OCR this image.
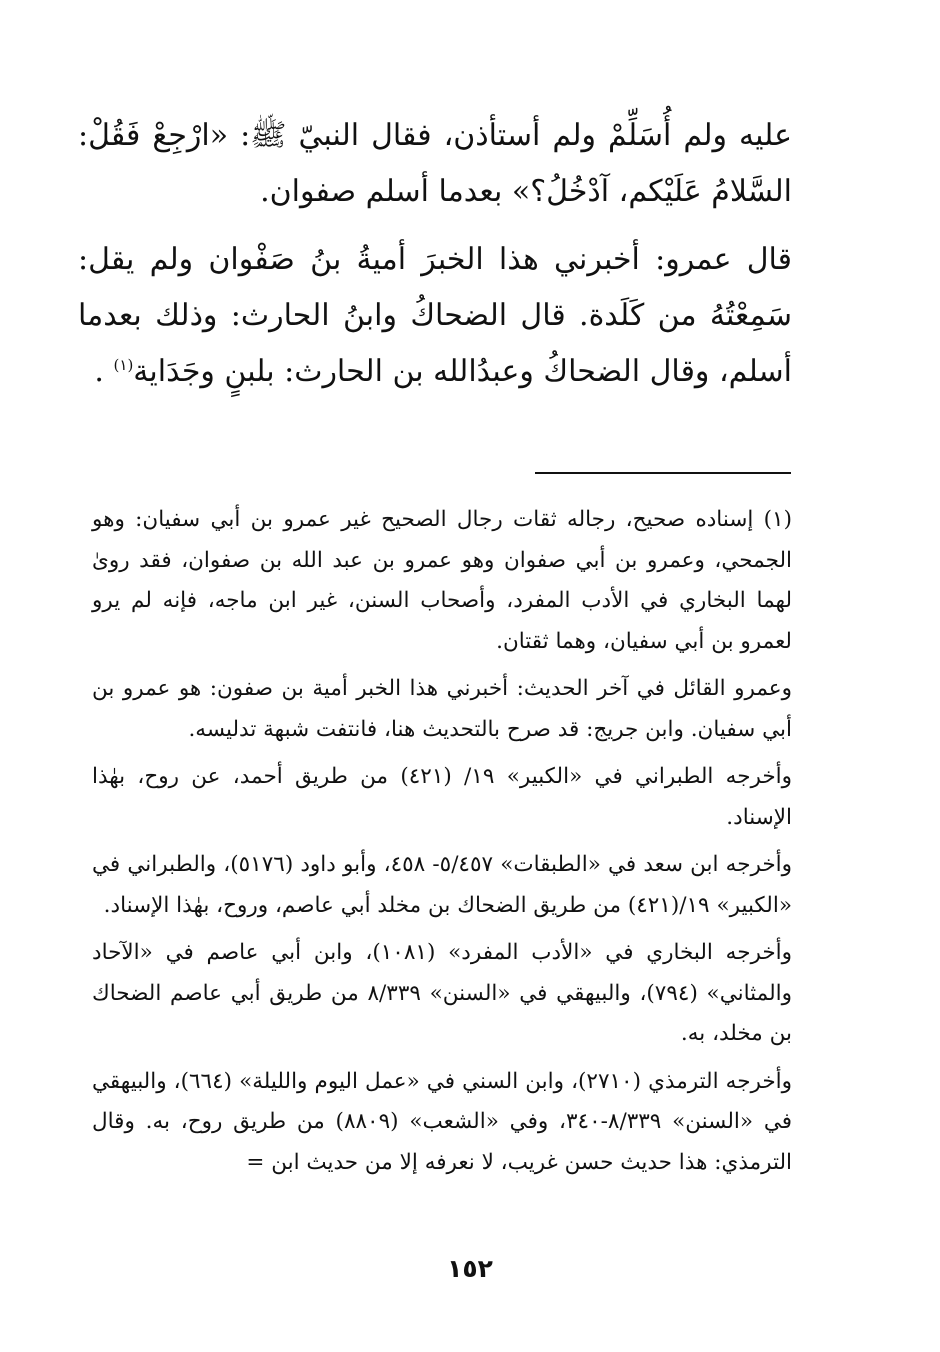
عليه ولم أُسَلِّمْ ولم أستأذن، فقال النبيّ ﷺ: «ارْجِعْ فَقُلْ: السَّلامُ عَلَيْكم، آدْخُلُ؟» بعدما أسلم صفوان.

قال عمرو: أخبرني هذا الخبرَ أميةُ بنُ صَفْوان ولم يقل: سَمِعْتُهُ من كَلَدة. قال الضحاكُ وابنُ الحارث: وذلك بعدما أسلم، وقال الضحاكُ وعبدُالله بن الحارث: بلبنٍ وجَدَاية$^{(١)}$ .

(١) إسناده صحيح، رجاله ثقات رجال الصحيح غير عمرو بن أبي سفيان: وهو الجمحي، وعمرو بن أبي صفوان وهو عمرو بن عبد الله بن صفوان، فقد روىٰ لهما البخاري في الأدب المفرد، وأصحاب السنن، غير ابن ماجه، فإنه لم يرو لعمرو بن أبي سفيان، وهما ثقتان.

وعمرو القائل في آخر الحديث: أخبرني هذا الخبر أمية بن صفون: هو عمرو بن أبي سفيان. وابن جريج: قد صرح بالتحديث هنا، فانتفت شبهة تدليسه.

وأخرجه الطبراني في «الكبير» ١٩/ (٤٢١) من طريق أحمد، عن روح، بهٰذا الإسناد.

وأخرجه ابن سعد في «الطبقات» ٥/٤٥٧- ٤٥٨، وأبو داود (٥١٧٦)، والطبراني في «الكبير» ١٩/(٤٢١) من طريق الضحاك بن مخلد أبي عاصم، وروح، بهٰذا الإسناد.

وأخرجه البخاري في «الأدب المفرد» (١٠٨١)، وابن أبي عاصم في «الآحاد والمثاني» (٧٩٤)، والبيهقي في «السنن» ٨/٣٣٩ من طريق أبي عاصم الضحاك بن مخلد، به.

وأخرجه الترمذي (٢٧١٠)، وابن السني في «عمل اليوم والليلة» (٦٦٤)، والبيهقي في «السنن» ٨/٣٣٩-٣٤٠، وفي «الشعب» (٨٨٠٩) من طريق روح، به. وقال الترمذي: هذا حديث حسن غريب، لا نعرفه إلا من حديث ابن =

١٥٢
